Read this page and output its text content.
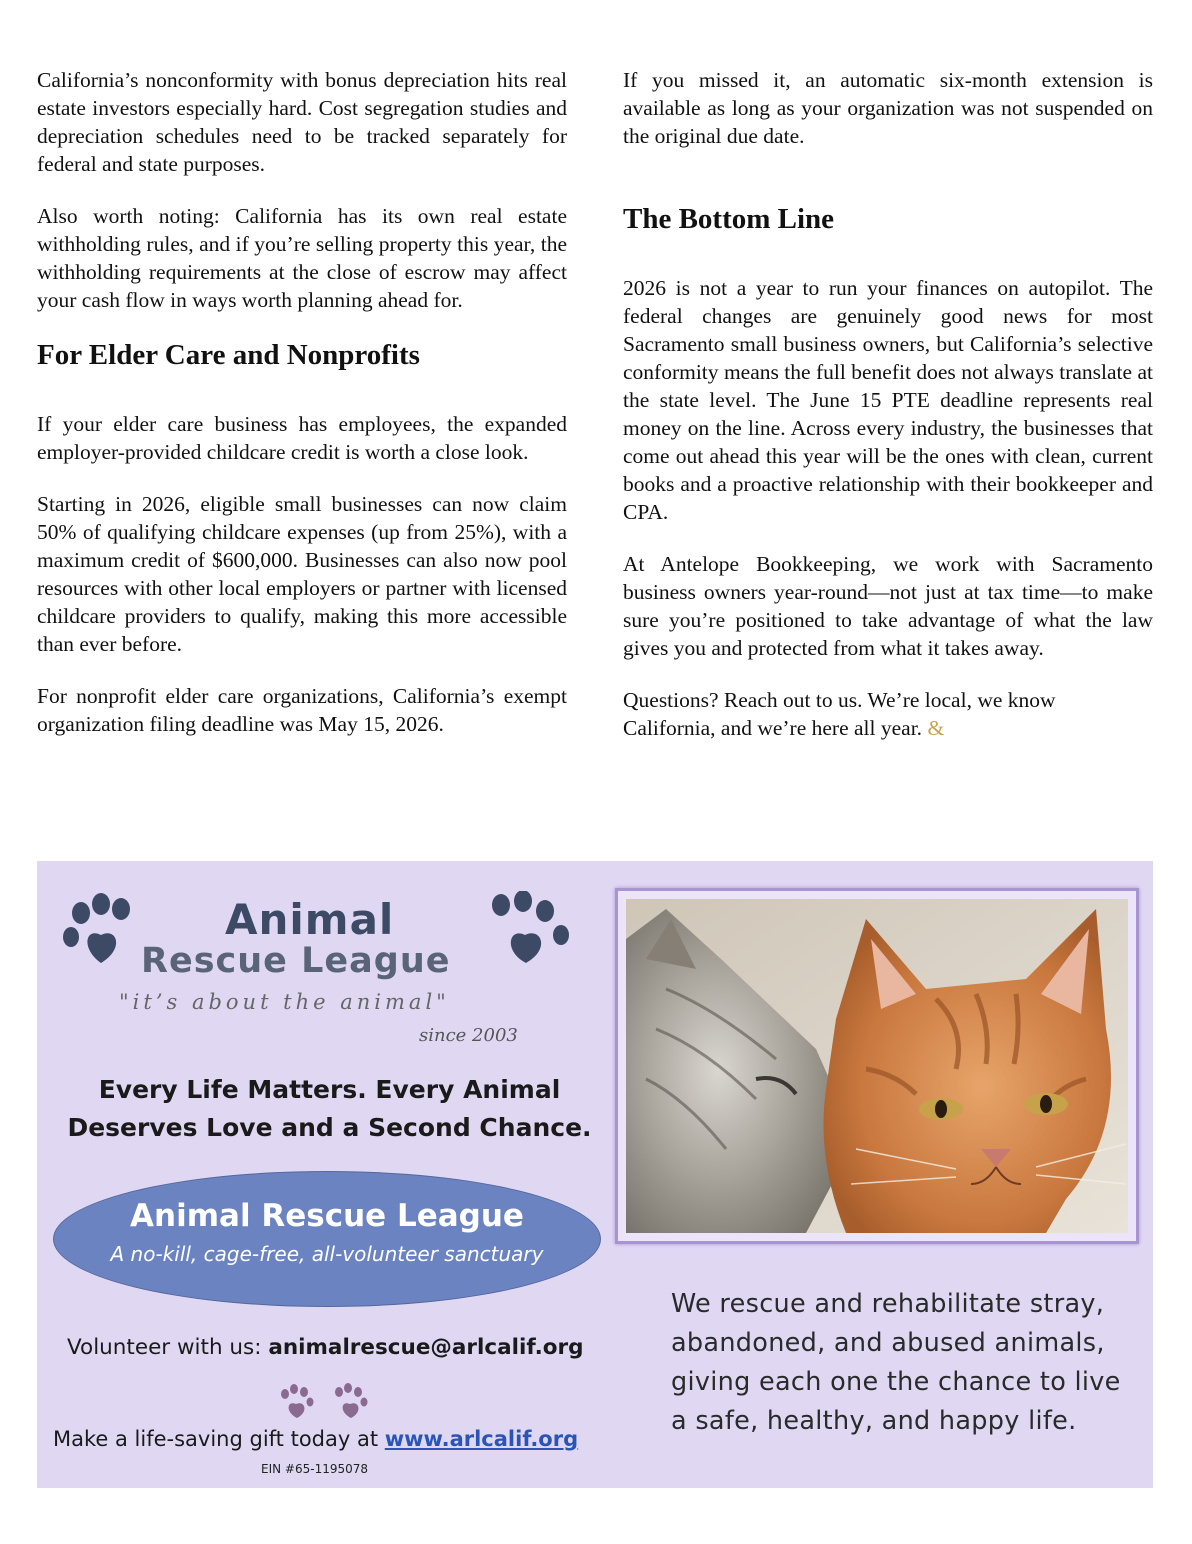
California’s nonconformity with bonus depreciation hits real estate investors especially hard. Cost segregation studies and depreciation schedules need to be tracked separately for federal and state purposes.

Also worth noting: California has its own real estate withholding rules, and if you’re selling property this year, the withholding requirements at the close of escrow may affect your cash flow in ways worth planning ahead for.

For Elder Care and Nonprofits

If your elder care business has employees, the expanded employer-provided childcare credit is worth a close look.

Starting in 2026, eligible small businesses can now claim 50% of qualifying childcare expenses (up from 25%), with a maximum credit of $600,000. Businesses can also now pool resources with other local employers or partner with licensed childcare providers to qualify, making this more accessible than ever before.

For nonprofit elder care organizations, California’s exempt organization filing deadline was May 15, 2026.

If you missed it, an automatic six-month extension is available as long as your organization was not suspended on the original due date.

The Bottom Line

2026 is not a year to run your finances on autopilot. The federal changes are genuinely good news for most Sacramento small business owners, but California’s selective conformity means the full benefit does not always translate at the state level. The June 15 PTE deadline represents real money on the line. Across every industry, the businesses that come out ahead this year will be the ones with clean, current books and a proactive relationship with their bookkeeper and CPA.

At Antelope Bookkeeping, we work with Sacramento business owners year-round—not just at tax time—to make sure you’re positioned to take advantage of what the law gives you and protected from what it takes away.

Questions? Reach out to us. We’re local, we know California, and we’re here all year. &

Animal
Rescue League
"it’s about the animal"
since 2003
Every Life Matters. Every Animal
Deserves Love and a Second Chance.
Animal Rescue League
A no-kill, cage-free, all-volunteer sanctuary
Volunteer with us: animalrescue@arlcalif.org
Make a life-saving gift today at www.arlcalif.org
EIN #65-1195078
We rescue and rehabilitate stray, abandoned, and abused animals, giving each one the chance to live a safe, healthy, and happy life.
